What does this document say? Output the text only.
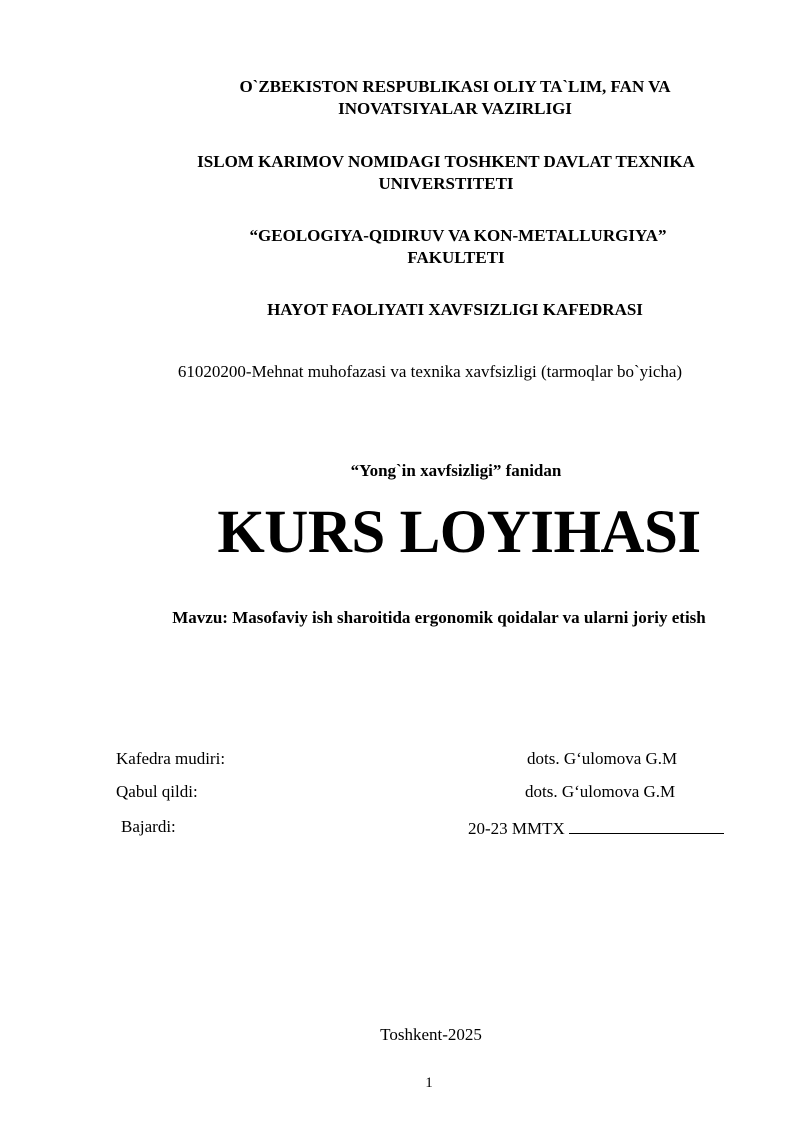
O`ZBEKISTON RESPUBLIKASI OLIY TA`LIM, FAN VA
INOVATSIYALAR VAZIRLIGI
ISLOM KARIMOV NOMIDAGI TOSHKENT DAVLAT TEXNIKA
UNIVERSTITETI
“GEOLOGIYA-QIDIRUV VA KON-METALLURGIYA”
FAKULTETI
HAYOT FAOLIYATI XAVFSIZLIGI KAFEDRASI
61020200-Mehnat muhofazasi va texnika xavfsizligi (tarmoqlar bo`yicha)
“Yong`in xavfsizligi” fanidan
KURS LOYIHASI
Mavzu: Masofaviy ish sharoitida ergonomik qoidalar va ularni joriy etish
Kafedra mudiri:	dots. G‘ulomova G.M
Qabul qildi:	dots. G‘ulomova G.M
Bajardi:	20-23 MMTX
Toshkent-2025
1
